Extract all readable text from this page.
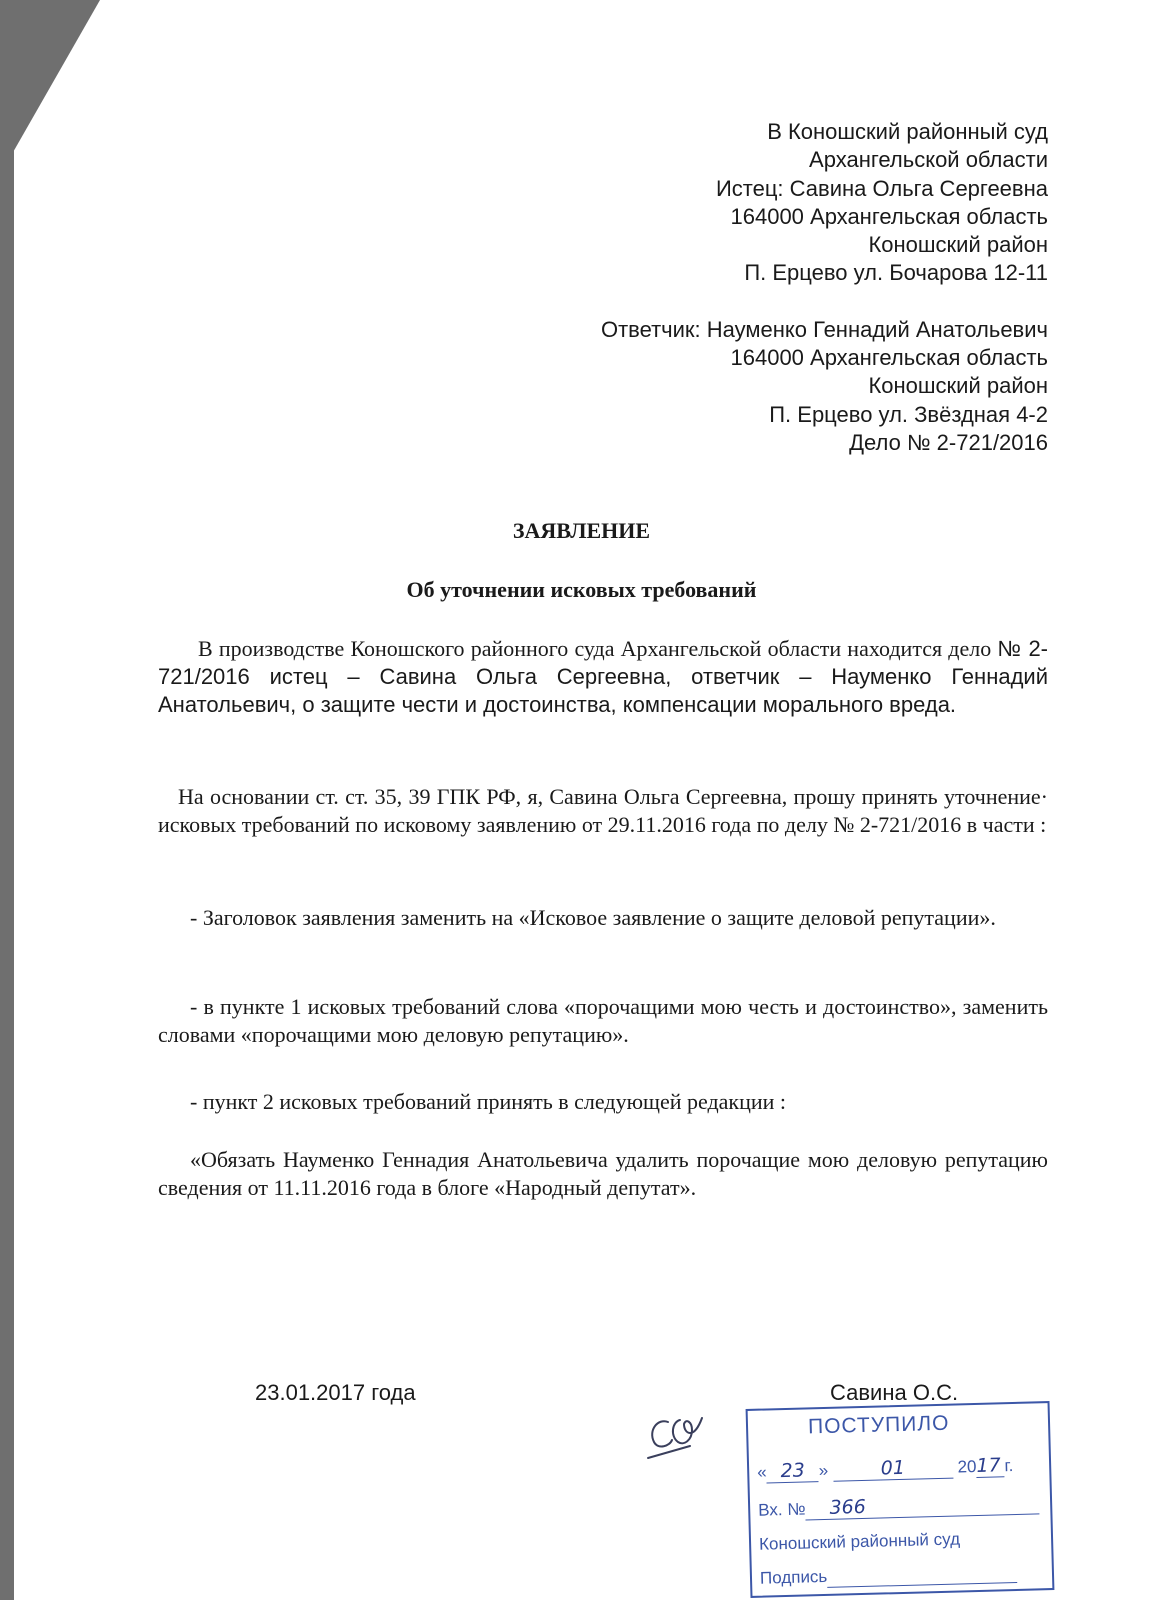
В Коношский районный суд
Архангельской области
Истец: Савина Ольга Сергеевна
164000 Архангельская область
Коношский район
П. Ерцево ул. Бочарова 12-11
Ответчик: Науменко Геннадий Анатольевич
164000 Архангельская область
Коношский район
П. Ерцево ул. Звёздная 4-2
Дело № 2-721/2016
ЗАЯВЛЕНИЕ
Об уточнении исковых требований
В производстве Коношского районного суда Архангельской области находится дело № 2-721/2016 истец – Савина Ольга Сергеевна, ответчик – Науменко Геннадий Анатольевич, о защите чести и достоинства, компенсации морального вреда.
На основании ст. ст. 35, 39 ГПК РФ, я, Савина Ольга Сергеевна, прошу принять уточнение· исковых требований по исковому заявлению от 29.11.2016 года по делу № 2-721/2016 в части :
- Заголовок заявления заменить на «Исковое заявление о защите деловой репутации».
- в пункте 1 исковых требований слова «порочащими мою честь и достоинство», заменить словами «порочащими мою деловую репутацию».
- пункт 2 исковых требований принять в следующей редакции :
«Обязать Науменко Геннадия Анатольевича удалить порочащие мою деловую репутацию сведения от 11.11.2016 года в блоге «Народный депутат».
23.01.2017 года	Савина О.С.
ПОСТУПИЛО
« 23 »	01	2017 г.
Вх. № 366
Коношский районный суд
Подпись
